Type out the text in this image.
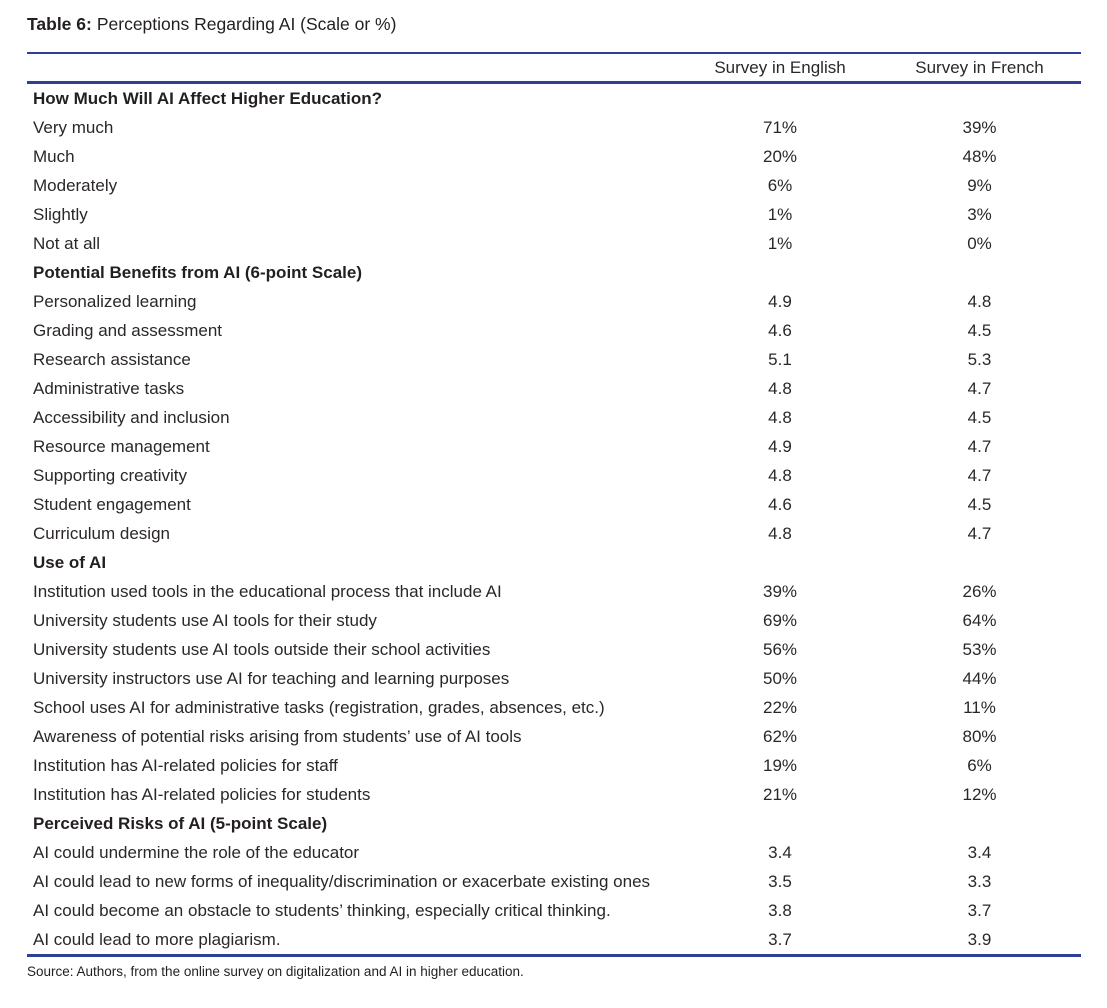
Table 6: Perceptions Regarding AI (Scale or %)
	Survey in English	Survey in French
How Much Will AI Affect Higher Education?		
Very much	71%	39%
Much	20%	48%
Moderately	6%	9%
Slightly	1%	3%
Not at all	1%	0%
Potential Benefits from AI (6-point Scale)		
Personalized learning	4.9	4.8
Grading and assessment	4.6	4.5
Research assistance	5.1	5.3
Administrative tasks	4.8	4.7
Accessibility and inclusion	4.8	4.5
Resource management	4.9	4.7
Supporting creativity	4.8	4.7
Student engagement	4.6	4.5
Curriculum design	4.8	4.7
Use of AI		
Institution used tools in the educational process that include AI	39%	26%
University students use AI tools for their study	69%	64%
University students use AI tools outside their school activities	56%	53%
University instructors use AI for teaching and learning purposes	50%	44%
School uses AI for administrative tasks (registration, grades, absences, etc.)	22%	11%
Awareness of potential risks arising from students’ use of AI tools	62%	80%
Institution has AI-related policies for staff	19%	6%
Institution has AI-related policies for students	21%	12%
Perceived Risks of AI (5-point Scale)		
AI could undermine the role of the educator	3.4	3.4
AI could lead to new forms of inequality/discrimination or exacerbate existing ones	3.5	3.3
AI could become an obstacle to students’ thinking, especially critical thinking.	3.8	3.7
AI could lead to more plagiarism.	3.7	3.9
Source: Authors, from the online survey on digitalization and AI in higher education.
